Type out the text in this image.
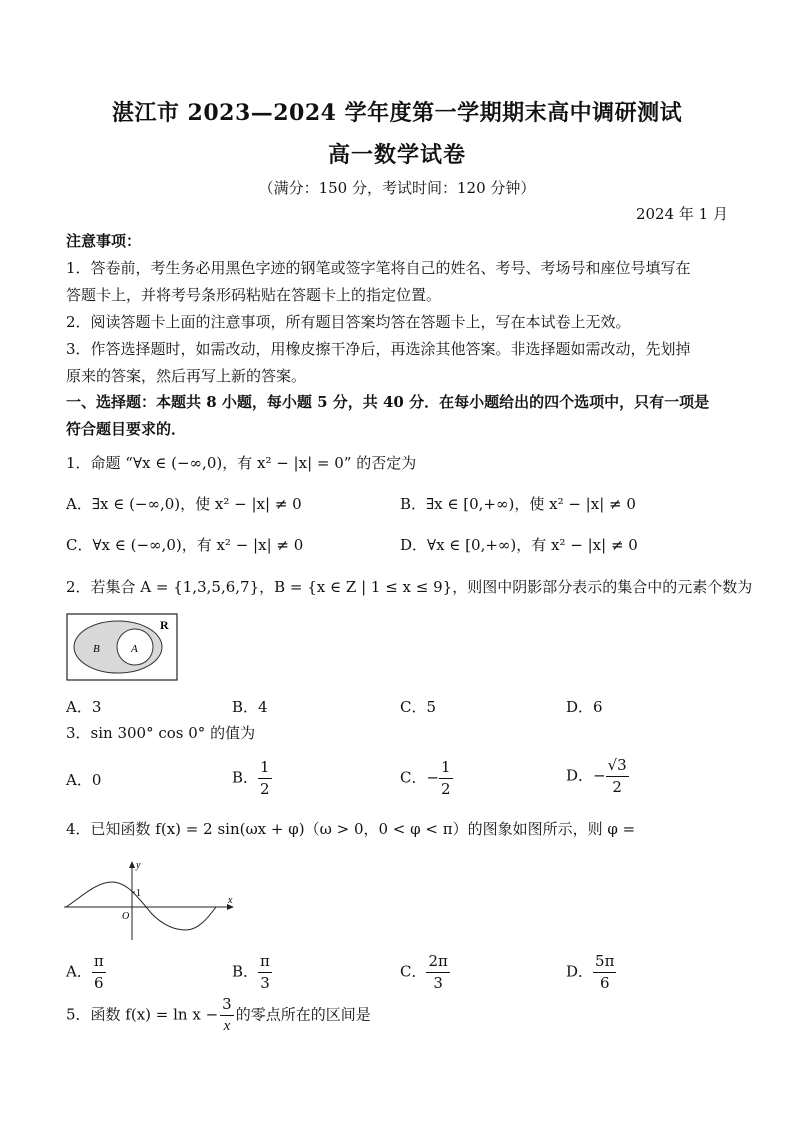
湛江市 2023—2024 学年度第一学期期末高中调研测试
高一数学试卷
（满分：150 分，考试时间：120 分钟）
2024 年 1 月
注意事项：
1．答卷前，考生务必用黑色字迹的钢笔或签字笔将自己的姓名、考号、考场号和座位号填写在
答题卡上，并将考号条形码粘贴在答题卡上的指定位置。
2．阅读答题卡上面的注意事项，所有题目答案均答在答题卡上，写在本试卷上无效。
3．作答选择题时，如需改动，用橡皮擦干净后，再选涂其他答案。非选择题如需改动，先划掉
原来的答案，然后再写上新的答案。
一、选择题：本题共 8 小题，每小题 5 分，共 40 分．在每小题给出的四个选项中，只有一项是
符合题目要求的．
1．命题 “∀x ∈ (−∞,0)，有 x² − |x| = 0” 的否定为
A．∃x ∈ (−∞,0)，使 x² − |x| ≠ 0	B．∃x ∈ [0,+∞)，使 x² − |x| ≠ 0
C．∀x ∈ (−∞,0)，有 x² − |x| ≠ 0	D．∀x ∈ [0,+∞)，有 x² − |x| ≠ 0
2．若集合 A = {1,3,5,6,7}，B = {x ∈ Z | 1 ≤ x ≤ 9}，则图中阴影部分表示的集合中的元素个数为
R
B	A
A．3	B．4	C．5	D．6
3．sin 300° cos 0° 的值为
A．0	B． $\frac{1}{2}$	C．− $\frac{1}{2}$	D．− $\frac{√3}{2}$
4．已知函数 f(x) = 2 sin(ωx + φ)（ω > 0，0 < φ < π）的图象如图所示，则 φ =
y
x
1
O
A． $\frac{\pi}{6}$	B． $\frac{\pi}{3}$	C． $\frac{2\pi}{3}$	D． $\frac{5\pi}{6}$
5．函数 $f(x) = \ln x - \frac{3}{x}$ 的零点所在的区间是
